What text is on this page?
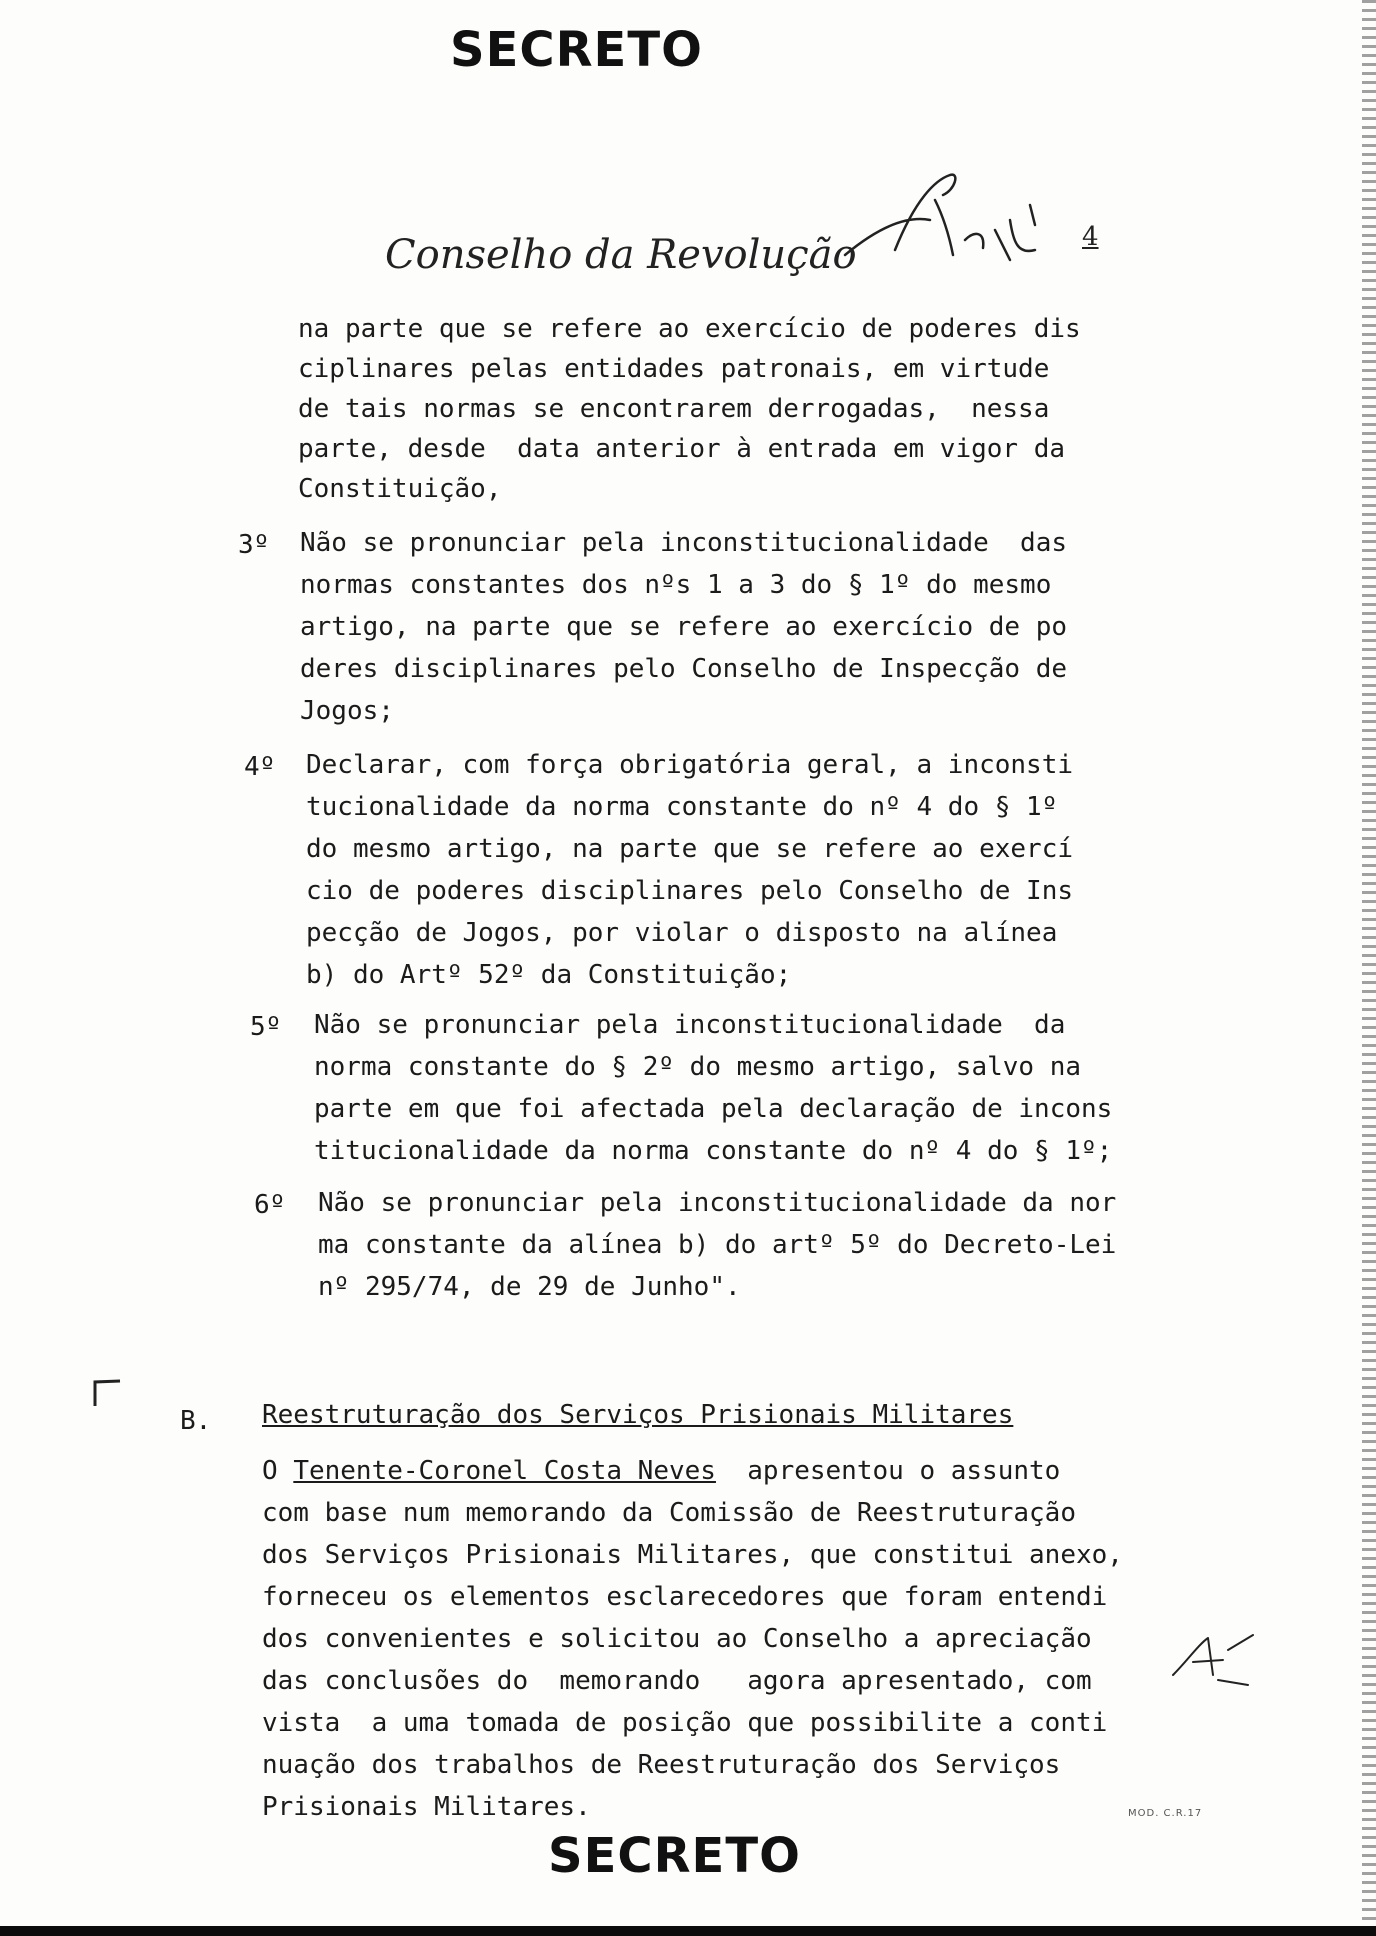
SECRETO
Conselho da Revolução	4
na parte que se refere ao exercício de poderes dis
ciplinares pelas entidades patronais, em virtude
de tais normas se encontrarem derrogadas,  nessa
parte, desde  data anterior à entrada em vigor da
Constituição,
3º Não se pronunciar pela inconstitucionalidade  das
normas constantes dos nºs 1 a 3 do § 1º do mesmo
artigo, na parte que se refere ao exercício de po
deres disciplinares pelo Conselho de Inspecção de
Jogos;
4º Declarar, com força obrigatória geral, a inconsti
tucionalidade da norma constante do nº 4 do § 1º
do mesmo artigo, na parte que se refere ao exercí
cio de poderes disciplinares pelo Conselho de Ins
pecção de Jogos, por violar o disposto na alínea
b) do Artº 52º da Constituição;
5º Não se pronunciar pela inconstitucionalidade  da
norma constante do § 2º do mesmo artigo, salvo na
parte em que foi afectada pela declaração de incons
titucionalidade da norma constante do nº 4 do § 1º;
6º Não se pronunciar pela inconstitucionalidade da nor
ma constante da alínea b) do artº 5º do Decreto-Lei
nº 295/74, de 29 de Junho".
B. Reestruturação dos Serviços Prisionais Militares
O Tenente-Coronel Costa Neves  apresentou o assunto
com base num memorando da Comissão de Reestruturação
dos Serviços Prisionais Militares, que constitui anexo,
forneceu os elementos esclarecedores que foram entendi
dos convenientes e solicitou ao Conselho a apreciação
das conclusões do  memorando   agora apresentado, com
vista  a uma tomada de posição que possibilite a conti
nuação dos trabalhos de Reestruturação dos Serviços
Prisionais Militares.	MOD. C.R.17
SECRETO
